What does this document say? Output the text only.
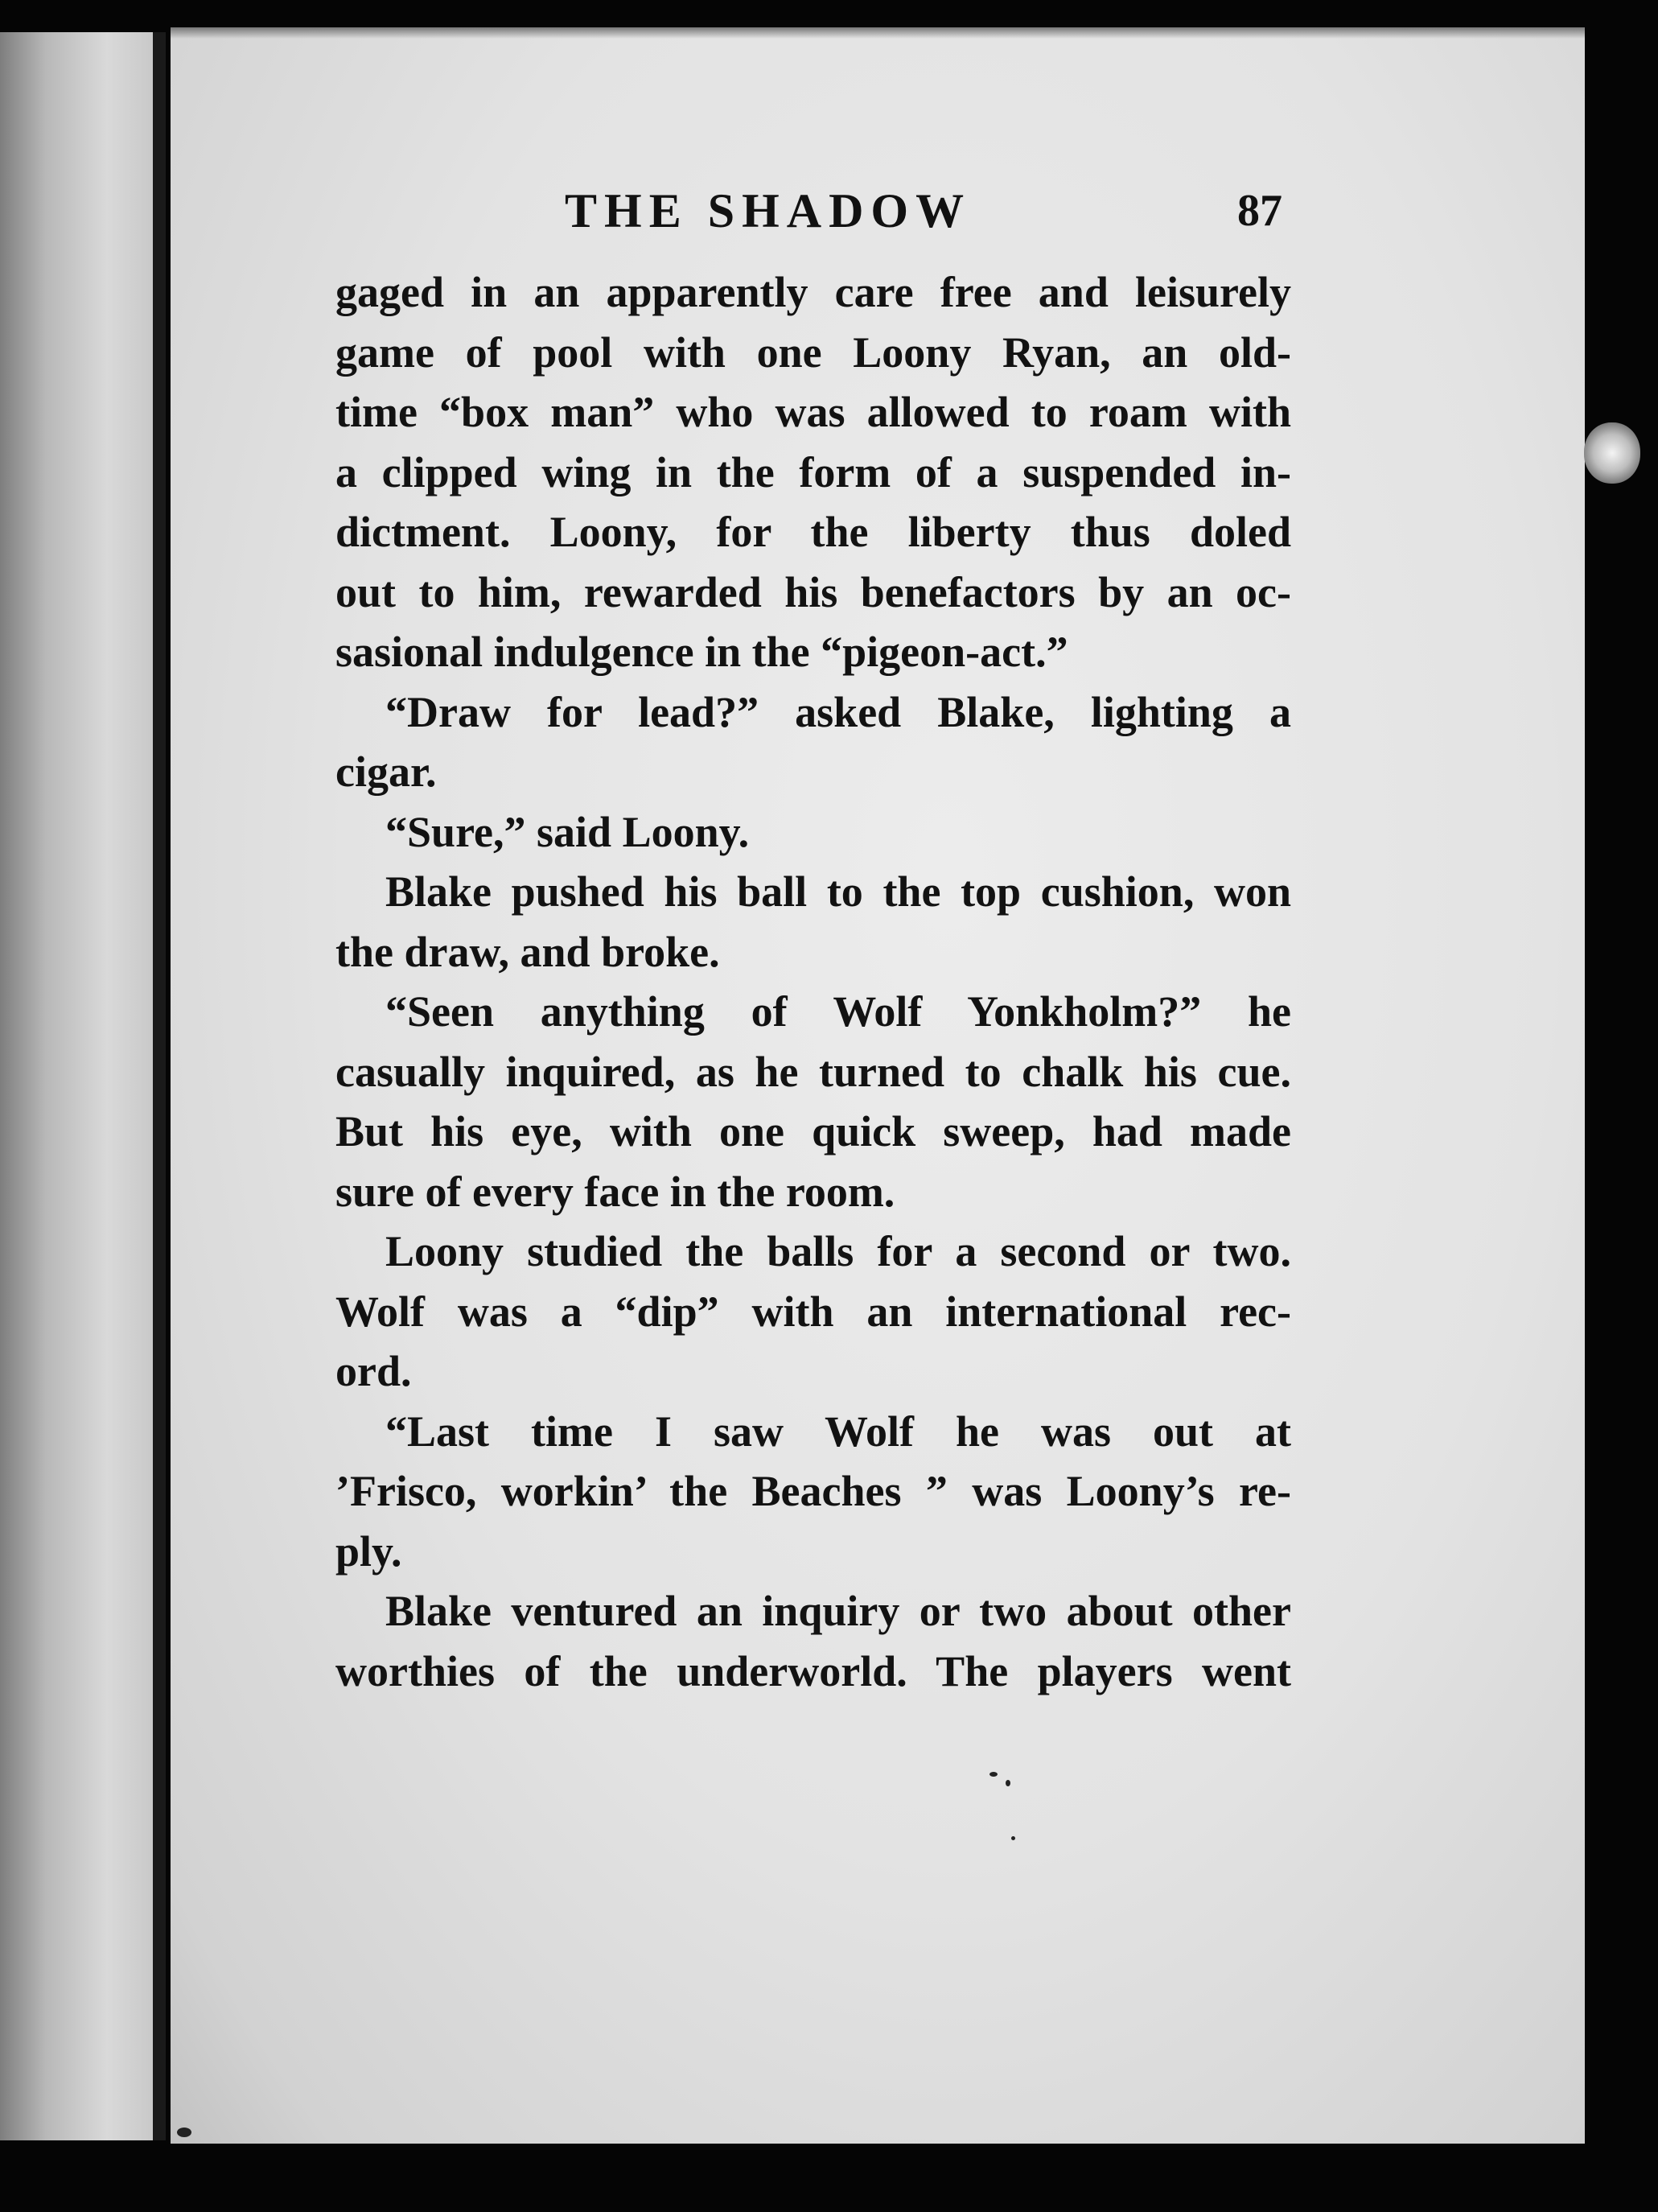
THE SHADOW	87
gaged in an apparently care free and leisurely
game of pool with one Loony Ryan, an old-
time “box man” who was allowed to roam with
a clipped wing in the form of a suspended in-
dictment. Loony, for the liberty thus doled
out to him, rewarded his benefactors by an oc-
sasional indulgence in the “pigeon-act.”
“Draw for lead?” asked Blake, lighting a
cigar.
“Sure,” said Loony.
Blake pushed his ball to the top cushion, won
the draw, and broke.
“Seen anything of Wolf Yonkholm?” he
casually inquired, as he turned to chalk his cue.
But his eye, with one quick sweep, had made
sure of every face in the room.
Loony studied the balls for a second or two.
Wolf was a “dip” with an international rec-
ord.
“Last time I saw Wolf he was out at
’Frisco, workin’ the Beaches ” was Loony’s re-
ply.
Blake ventured an inquiry or two about other
worthies of the underworld. The players went
